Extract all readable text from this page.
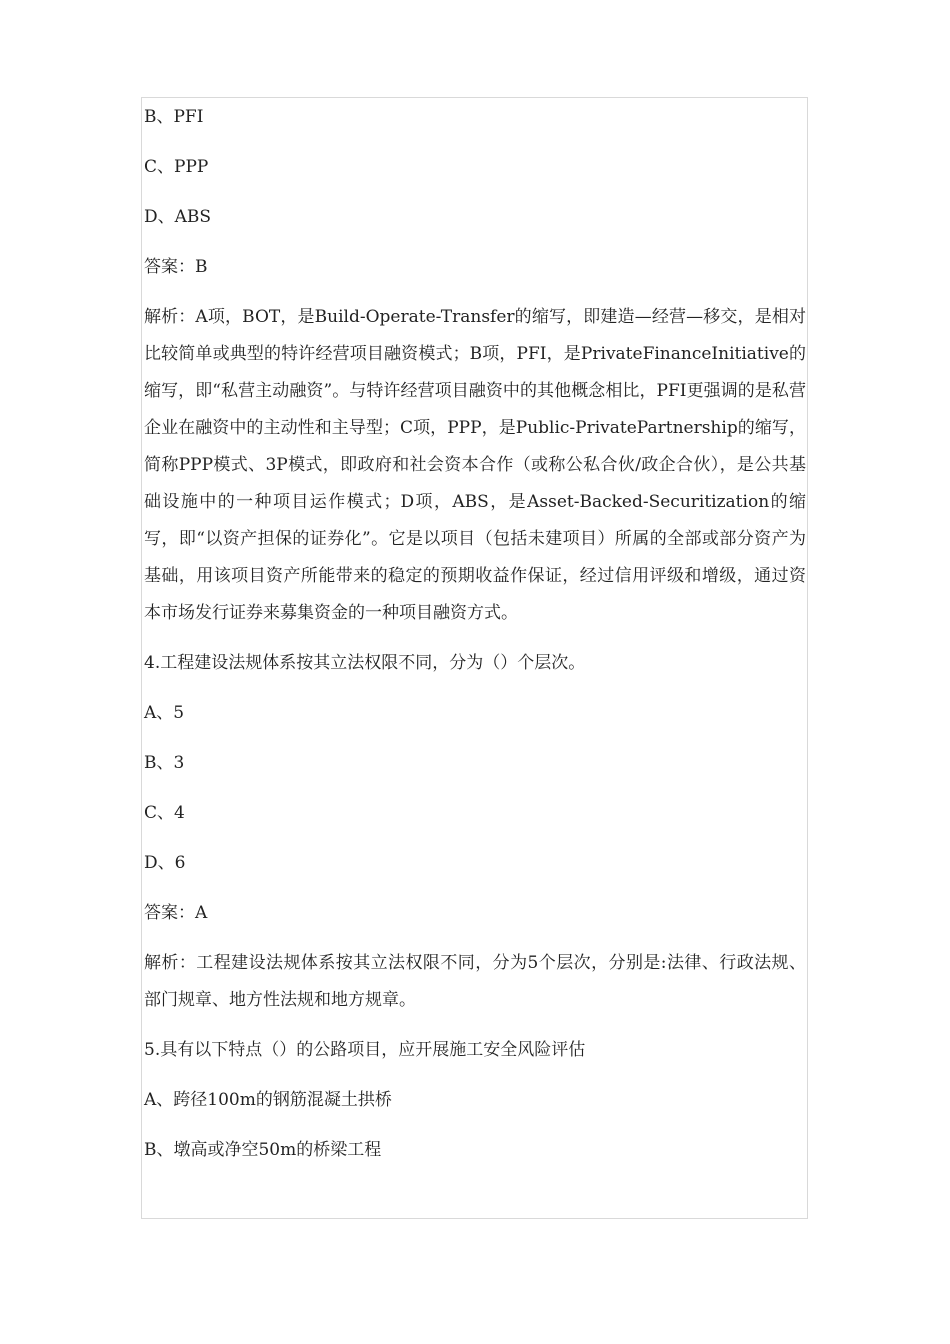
B、PFI

C、PPP

D、ABS

答案：B

解析：A项，BOT，是Build-Operate-Transfer的缩写，即建造—经营—移交，是相对比较简单或典型的特许经营项目融资模式；B项，PFI，是PrivateFinanceInitiative的缩写，即“私营主动融资”。与特许经营项目融资中的其他概念相比，PFI更强调的是私营企业在融资中的主动性和主导型；C项，PPP，是Public-PrivatePartnership的缩写，简称PPP模式、3P模式，即政府和社会资本合作（或称公私合伙/政企合伙），是公共基础设施中的一种项目运作模式；D项，ABS，是Asset-Backed-Securitization的缩写，即“以资产担保的证券化”。它是以项目（包括未建项目）所属的全部或部分资产为基础，用该项目资产所能带来的稳定的预期收益作保证，经过信用评级和增级，通过资本市场发行证券来募集资金的一种项目融资方式。

4.工程建设法规体系按其立法权限不同，分为（）个层次。

A、5

B、3

C、4

D、6

答案：A

解析：工程建设法规体系按其立法权限不同，分为5个层次，分别是:法律、行政法规、部门规章、地方性法规和地方规章。

5.具有以下特点（）的公路项目，应开展施工安全风险评估

A、跨径100m的钢筋混凝土拱桥

B、墩高或净空50m的桥梁工程
